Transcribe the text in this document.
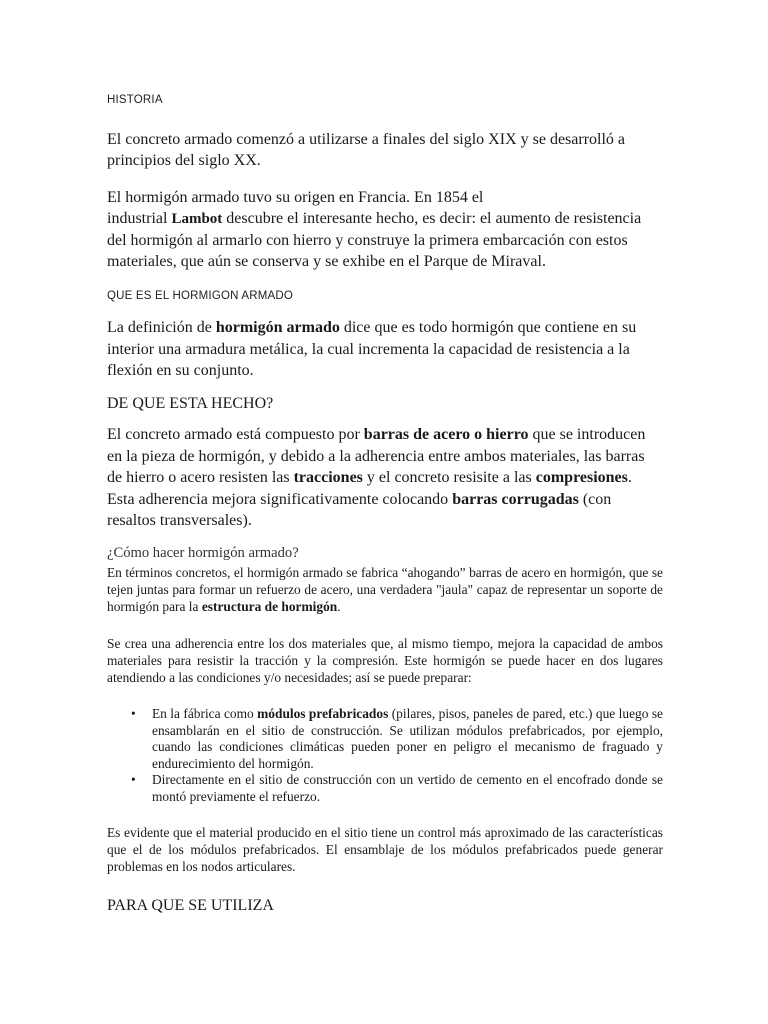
HISTORIA

El concreto armado comenzó a utilizarse a finales del siglo XIX y se desarrolló a principios del siglo XX.

El hormigón armado tuvo su origen en Francia. En 1854 el
industrial Lambot descubre el interesante hecho, es decir: el aumento de resistencia del hormigón al armarlo con hierro y construye la primera embarcación con estos materiales, que aún se conserva y se exhibe en el Parque de Miraval.

QUE ES EL HORMIGON ARMADO

La definición de hormigón armado dice que es todo hormigón que contiene en su interior una armadura metálica, la cual incrementa la capacidad de resistencia a la flexión en su conjunto.

DE QUE ESTA HECHO?

El concreto armado está compuesto por barras de acero o hierro que se introducen en la pieza de hormigón, y debido a la adherencia entre ambos materiales, las barras de hierro o acero resisten las tracciones y el concreto resisite a las compresiones. Esta adherencia mejora significativamente colocando barras corrugadas (con resaltos transversales).

¿Cómo hacer hormigón armado?

En términos concretos, el hormigón armado se fabrica “ahogando” barras de acero en hormigón, que se tejen juntas para formar un refuerzo de acero, una verdadera "jaula" capaz de representar un soporte de hormigón para la estructura de hormigón.

Se crea una adherencia entre los dos materiales que, al mismo tiempo, mejora la capacidad de ambos materiales para resistir la tracción y la compresión. Este hormigón se puede hacer en dos lugares atendiendo a las condiciones y/o necesidades; así se puede preparar:

• En la fábrica como módulos prefabricados (pilares, pisos, paneles de pared, etc.) que luego se ensamblarán en el sitio de construcción. Se utilizan módulos prefabricados, por ejemplo, cuando las condiciones climáticas pueden poner en peligro el mecanismo de fraguado y endurecimiento del hormigón.
• Directamente en el sitio de construcción con un vertido de cemento en el encofrado donde se montó previamente el refuerzo.

Es evidente que el material producido en el sitio tiene un control más aproximado de las características que el de los módulos prefabricados. El ensamblaje de los módulos prefabricados puede generar problemas en los nodos articulares.

PARA QUE SE UTILIZA
